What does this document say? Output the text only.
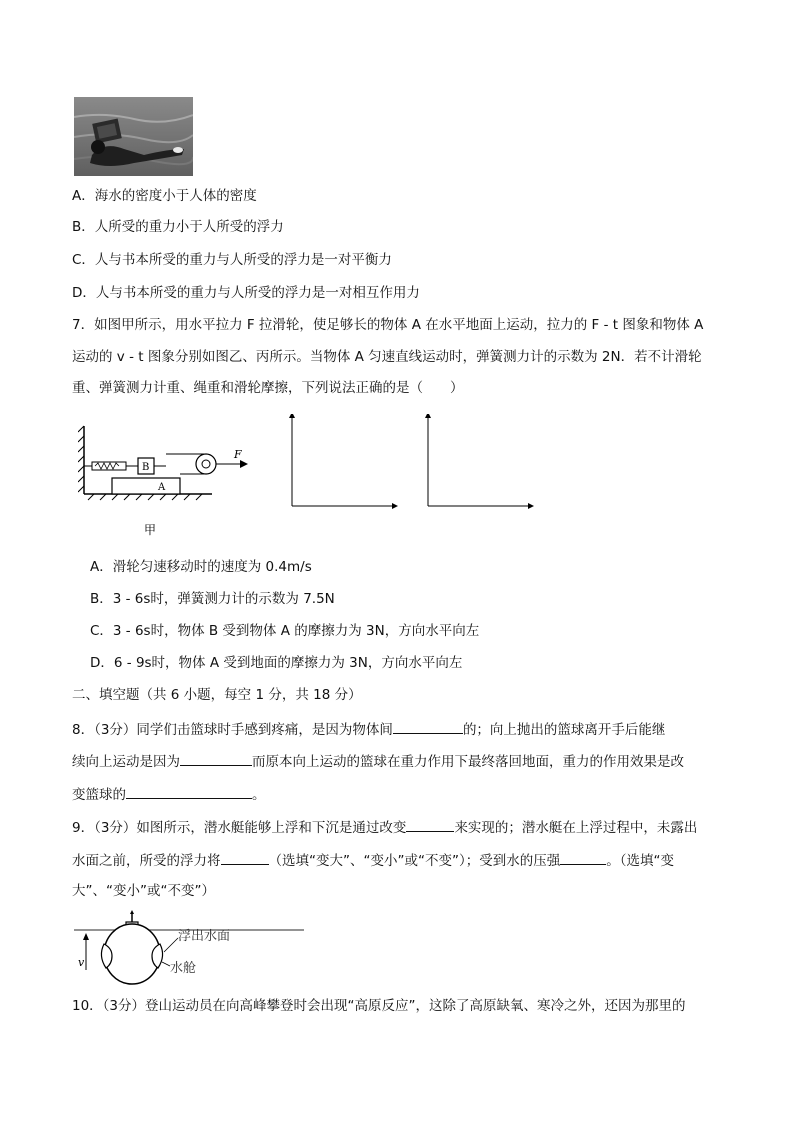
A．海水的密度小于人体的密度
B．人所受的重力小于人所受的浮力
C．人与书本所受的重力与人所受的浮力是一对平衡力
D．人与书本所受的重力与人所受的浮力是一对相互作用力
7．如图甲所示，用水平拉力 F 拉滑轮，使足够长的物体 A 在水平地面上运动，拉力的 F - t 图象和物体 A
运动的 v - t 图象分别如图乙、丙所示。当物体 A 匀速直线运动时，弹簧测力计的示数为 2N．若不计滑轮
重、弹簧测力计重、绳重和滑轮摩擦，下列说法正确的是（　　）
A
B
F
甲
A．滑轮匀速移动时的速度为 0.4m/s
B．3 - 6s时，弹簧测力计的示数为 7.5N
C．3 - 6s时，物体 B 受到物体 A 的摩擦力为 3N，方向水平向左
D．6 - 9s时，物体 A 受到地面的摩擦力为 3N，方向水平向左
二、填空题（共 6 小题，每空 1 分，共 18 分）
8．（3分）同学们击篮球时手感到疼痛，是因为物体间	的；向上抛出的篮球离开手后能继
续向上运动是因为	而原本向上运动的篮球在重力作用下最终落回地面，重力的作用效果是改
变篮球的	。
9．（3分）如图所示，潜水艇能够上浮和下沉是通过改变	来实现的；潜水艇在上浮过程中，未露出
水面之前，所受的浮力将	（选填“变大”、“变小”或“不变”）；受到水的压强	。（选填“变
大”、“变小”或“不变”）
v
浮出水面
水舱
10．（3分）登山运动员在向高峰攀登时会出现“高原反应”，这除了高原缺氧、寒冷之外，还因为那里的
